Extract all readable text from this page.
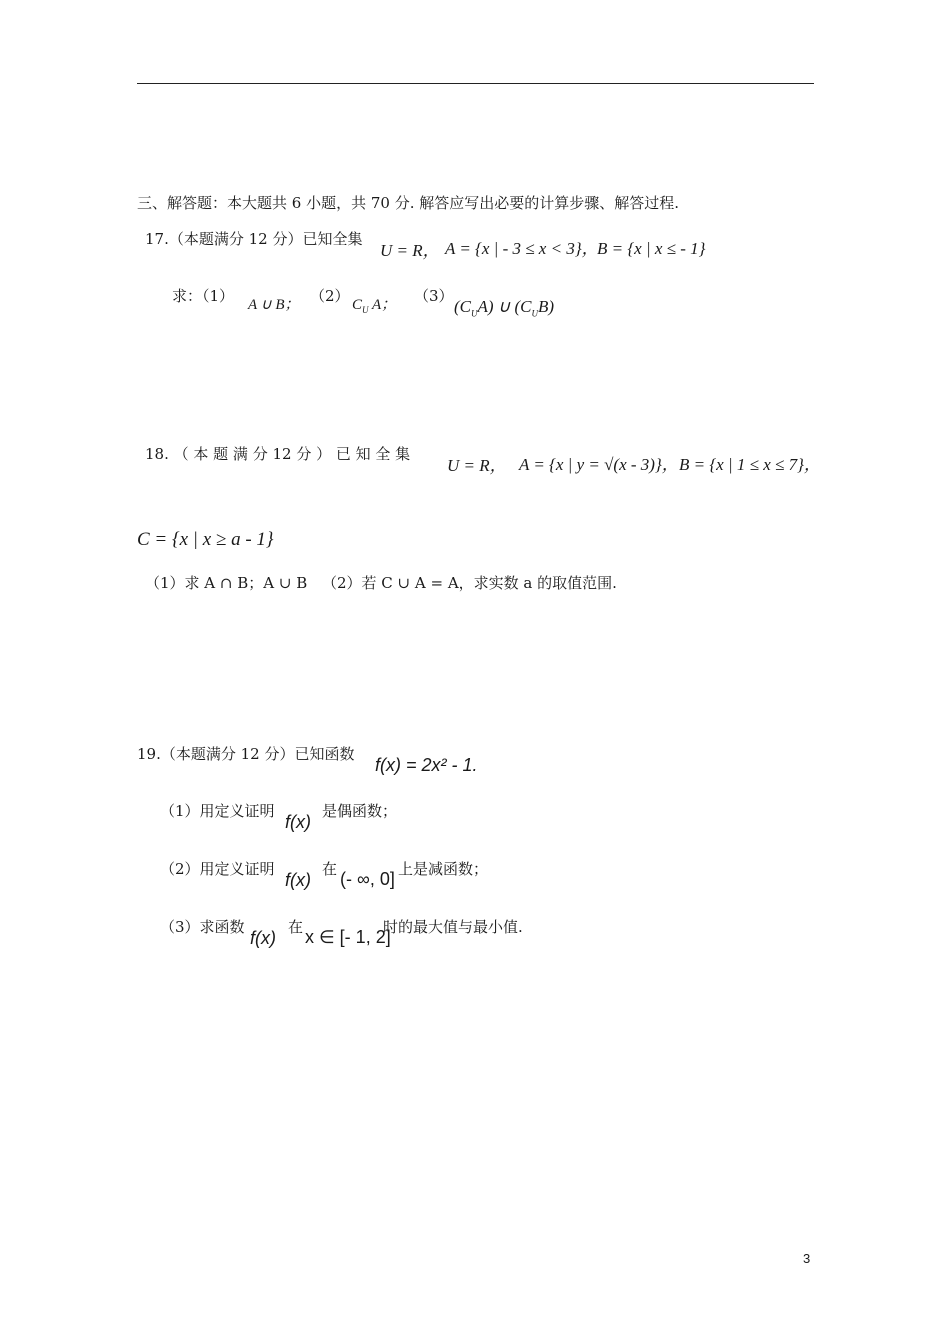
三、解答题：本大题共 6 小题，共 70 分. 解答应写出必要的计算步骤、解答过程.
17.（本题满分 12 分）已知全集
U = R， A = {x | - 3 ≤ x < 3}，
B = {x | x ≤ - 1}
求：（1） A ∪ B； （2） $C_U$ A； （3）
$(C_UA)$ ∪ $(C_UB)$
18. （ 本 题 满 分 12 分 ） 已 知 全 集
U = R， A = {x | y = √(x - 3)}， B = {x | 1 ≤ x ≤ 7}，
C = {x | x ≥ a - 1}
（1）求 A ∩ B；A ∪ B （2）若 C ∪ A = A，求实数 a 的取值范围.
19.（本题满分 12 分）已知函数
f(x) = 2x² - 1.
（1）用定义证明
f(x)
是偶函数；
（2）用定义证明
f(x)
在 (- ∞, 0] 上是减函数；
（3）求函数
f(x)
在 x ∈ [- 1, 2]
时的最大值与最小值.
3
